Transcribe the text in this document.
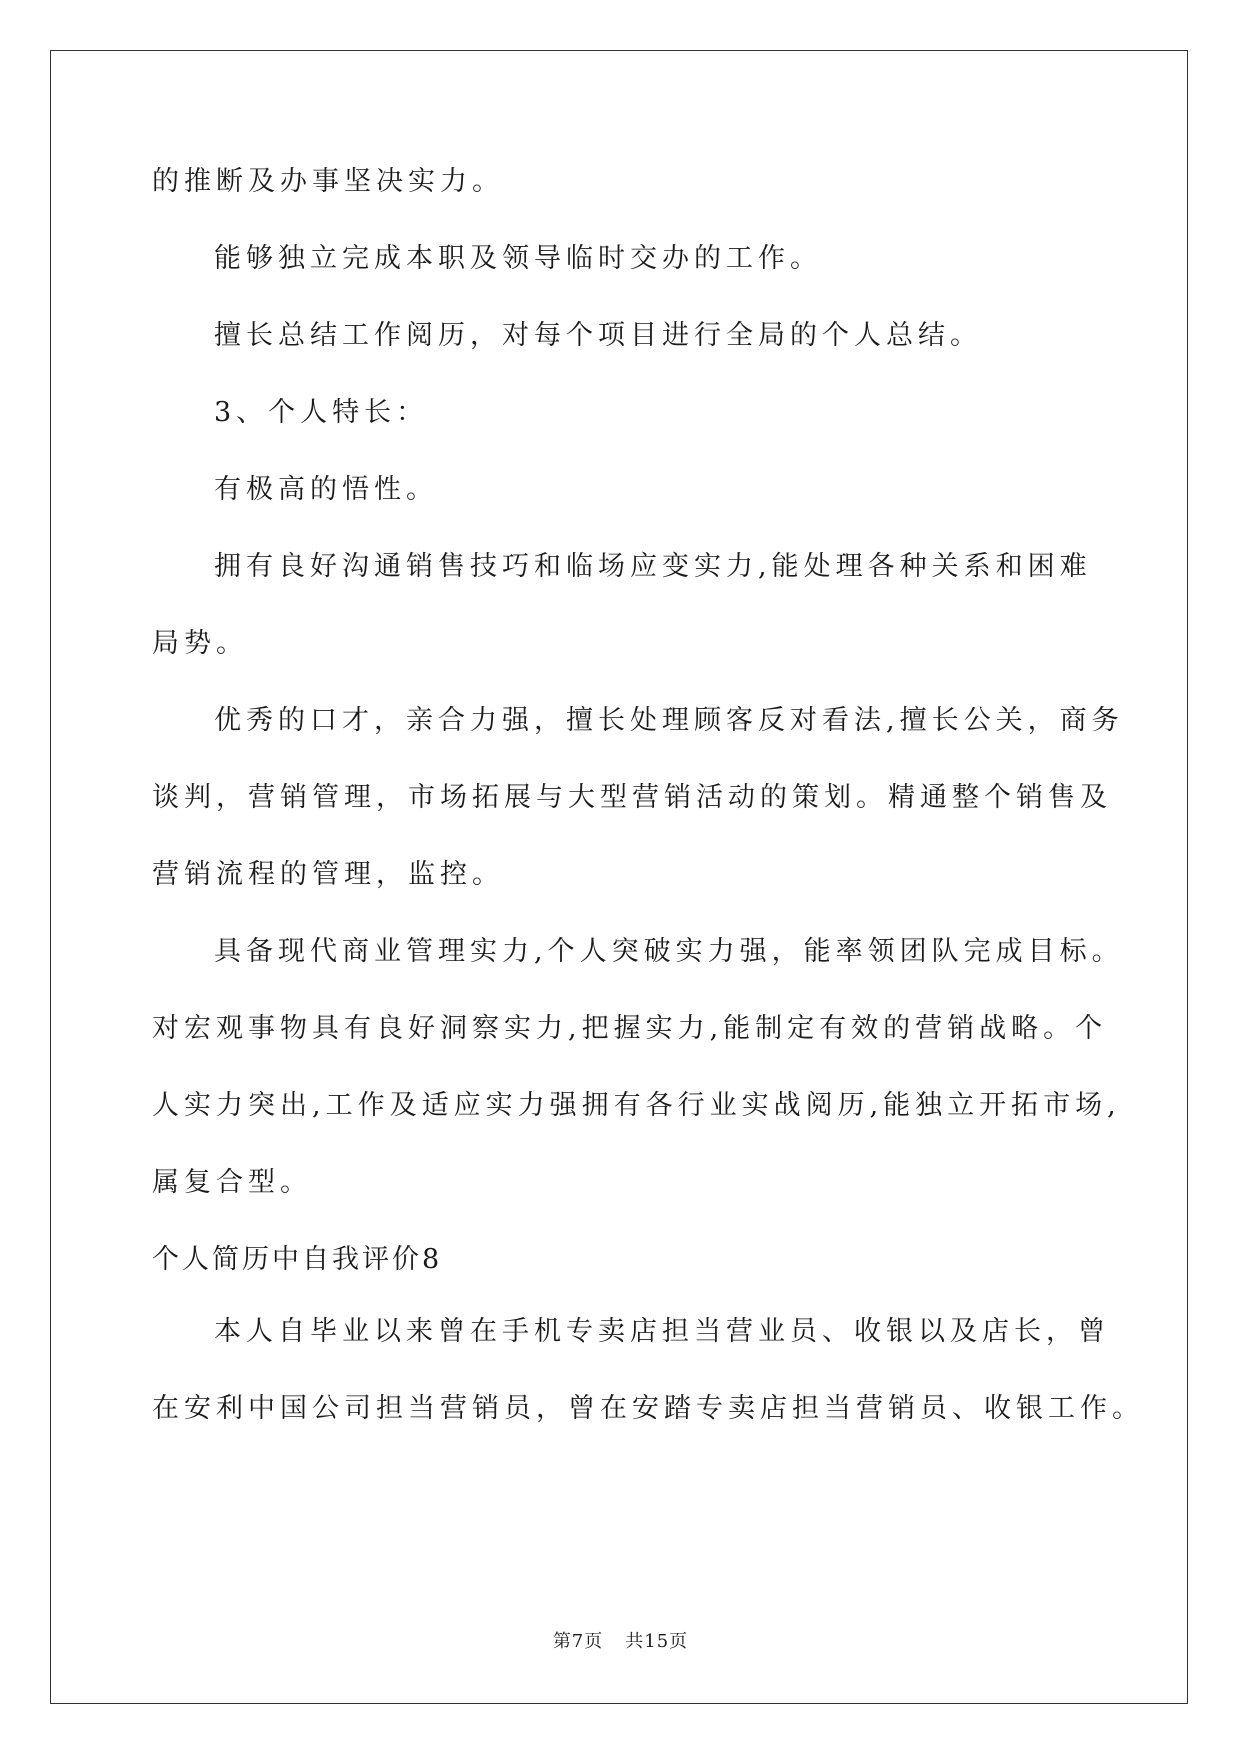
的推断及办事坚决实力。
能够独立完成本职及领导临时交办的工作。
擅长总结工作阅历，对每个项目进行全局的个人总结。
3、个人特长：
有极高的悟性。
拥有良好沟通销售技巧和临场应变实力,能处理各种关系和困难
局势。
优秀的口才，亲合力强，擅长处理顾客反对看法,擅长公关，商务
谈判，营销管理，市场拓展与大型营销活动的策划。精通整个销售及
营销流程的管理，监控。
具备现代商业管理实力,个人突破实力强，能率领团队完成目标。
对宏观事物具有良好洞察实力,把握实力,能制定有效的营销战略。个
人实力突出,工作及适应实力强拥有各行业实战阅历,能独立开拓市场,
属复合型。
个人简历中自我评价8
本人自毕业以来曾在手机专卖店担当营业员、收银以及店长，曾
在安利中国公司担当营销员，曾在安踏专卖店担当营销员、收银工作。
第7页 共15页
